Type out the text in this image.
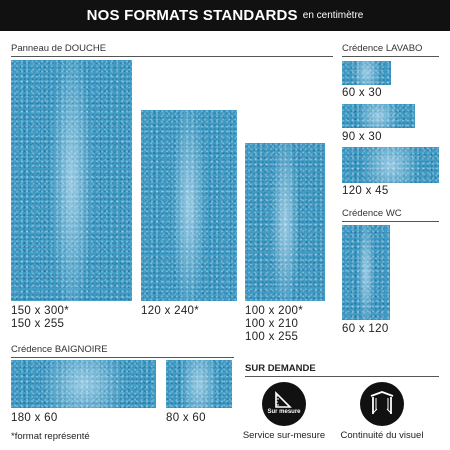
NOS FORMATS STANDARDS en centimètre
Panneau de DOUCHE
150 x 300*
150 x 255
120 x 240*	100 x 200*
100 x 210
100 x 255
Crédence LAVABO
60 x 30
90 x 30
120 x 45
Crédence WC
60 x 120
Crédence BAIGNOIRE
180 x 60	80 x 60
*format représenté
SUR DEMANDE
Sur mesure
Service sur-mesure	Continuité du visuel
